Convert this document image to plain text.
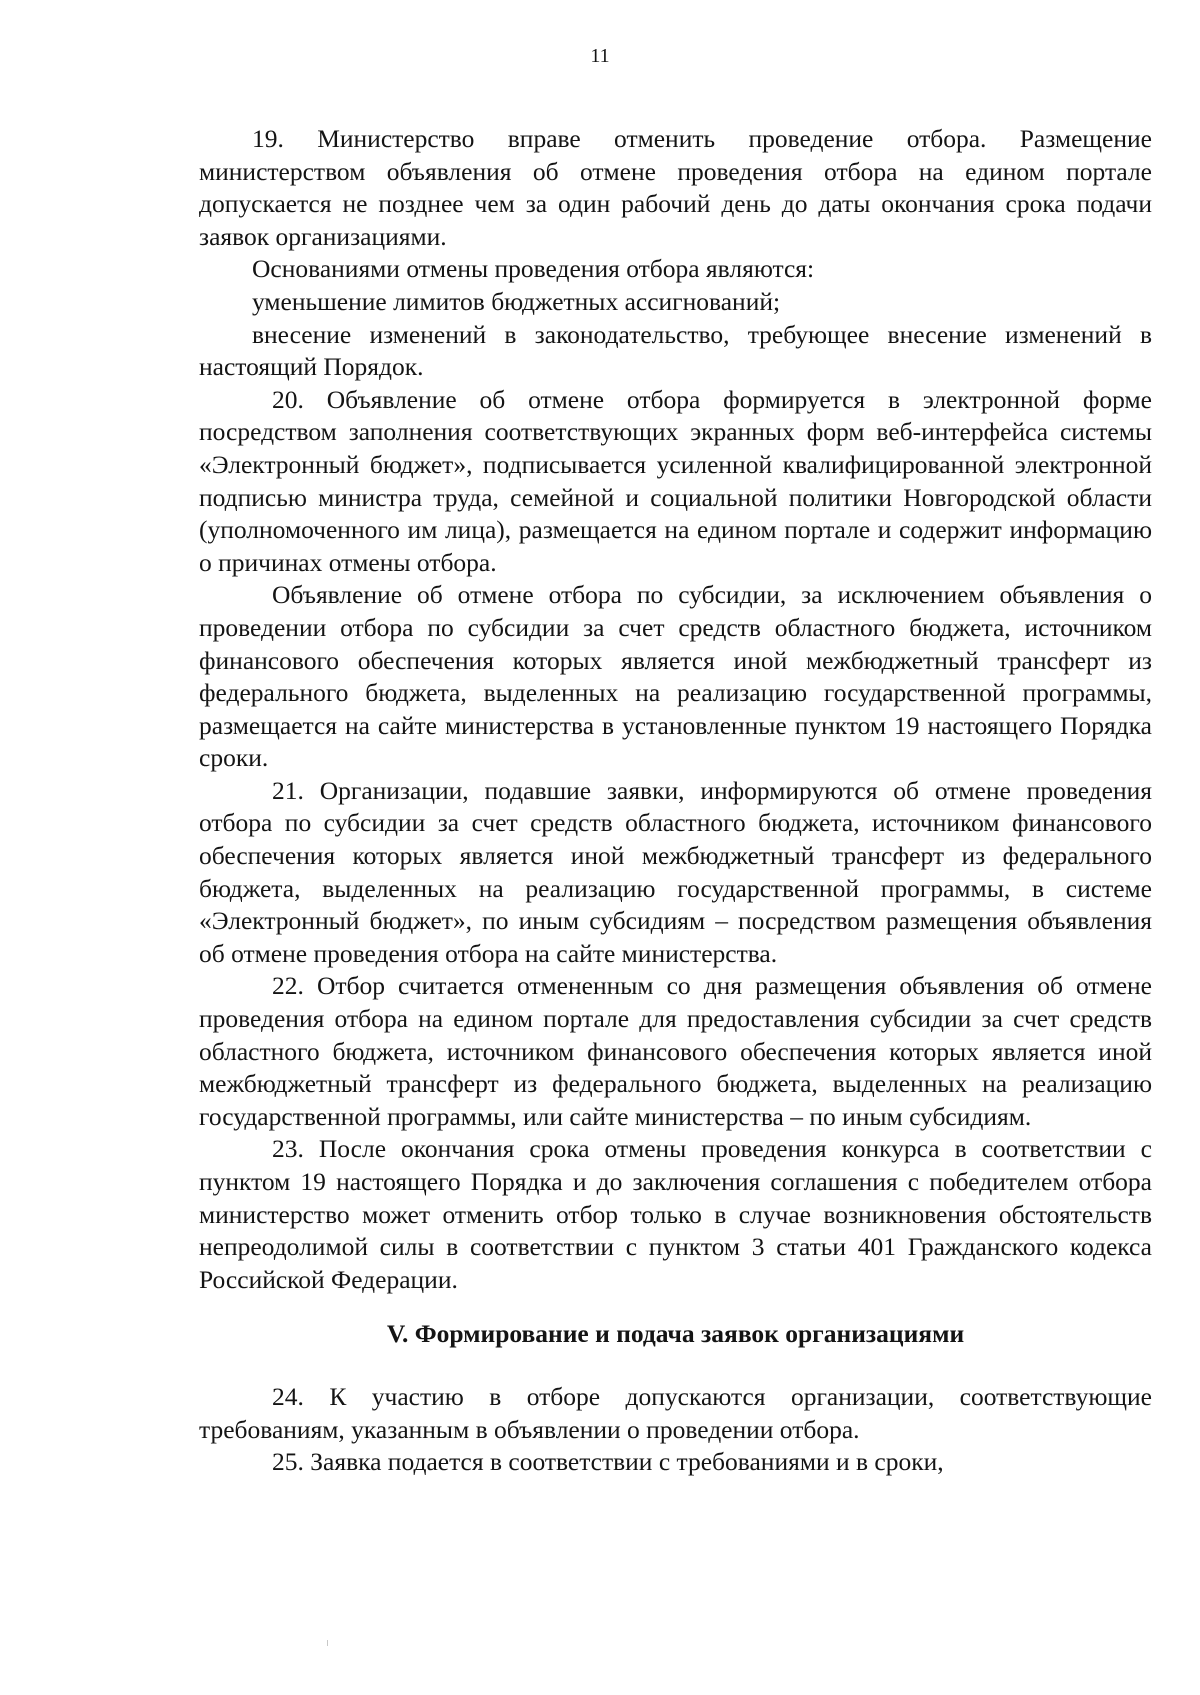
11

19. Министерство вправе отменить проведение отбора. Размещение министерством объявления об отмене проведения отбора на едином портале допускается не позднее чем за один рабочий день до даты окончания срока подачи заявок организациями.

Основаниями отмены проведения отбора являются:

уменьшение лимитов бюджетных ассигнований;

внесение изменений в законодательство, требующее внесение изменений в настоящий Порядок.

20. Объявление об отмене отбора формируется в электронной форме посредством заполнения соответствующих экранных форм веб-интерфейса системы «Электронный бюджет», подписывается усиленной квалифицированной электронной подписью министра труда, семейной и социальной политики Новгородской области (уполномоченного им лица), размещается на едином портале и содержит информацию о причинах отмены отбора.

Объявление об отмене отбора по субсидии, за исключением объявления о проведении отбора по субсидии за счет средств областного бюджета, источником финансового обеспечения которых является иной межбюджетный трансферт из федерального бюджета, выделенных на реализацию государственной программы, размещается на сайте министерства в установленные пунктом 19 настоящего Порядка сроки.

21. Организации, подавшие заявки, информируются об отмене проведения отбора по субсидии за счет средств областного бюджета, источником финансового обеспечения которых является иной межбюджетный трансферт из федерального бюджета, выделенных на реализацию государственной программы, в системе «Электронный бюджет», по иным субсидиям – посредством размещения объявления об отмене проведения отбора на сайте министерства.

22. Отбор считается отмененным со дня размещения объявления об отмене проведения отбора на едином портале для предоставления субсидии за счет средств областного бюджета, источником финансового обеспечения которых является иной межбюджетный трансферт из федерального бюджета, выделенных на реализацию государственной программы, или сайте министерства – по иным субсидиям.

23. После окончания срока отмены проведения конкурса в соответствии с пунктом 19 настоящего Порядка и до заключения соглашения с победителем отбора министерство может отменить отбор только в случае возникновения обстоятельств непреодолимой силы в соответствии с пунктом 3 статьи 401 Гражданского кодекса Российской Федерации.

V. Формирование и подача заявок организациями

24. К участию в отборе допускаются организации, соответствующие требованиям, указанным в объявлении о проведении отбора.

25. Заявка подается в соответствии с требованиями и в сроки,
